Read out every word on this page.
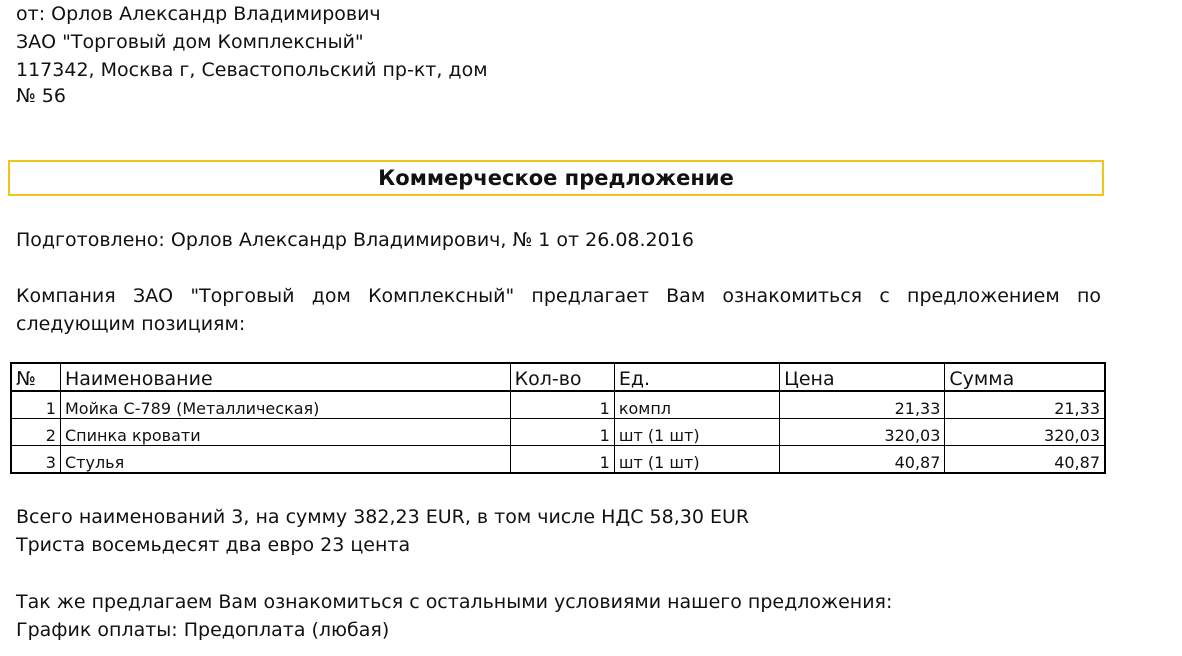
от: Орлов Александр Владимирович
ЗАО "Торговый дом Комплексный"
117342, Москва г, Севастопольский пр-кт, дом
№ 56
Коммерческое предложение
Подготовлено: Орлов Александр Владимирович, № 1 от 26.08.2016
Компания ЗАО "Торговый дом Комплексный" предлагает Вам ознакомиться с предложением по следующим позициям:
№	Наименование	Кол-во	Ед.	Цена	Сумма
1	Мойка С-789 (Металлическая)	1	компл	21,33	21,33
2	Спинка кровати	1	шт (1 шт)	320,03	320,03
3	Стулья	1	шт (1 шт)	40,87	40,87
Всего наименований 3, на сумму 382,23 EUR, в том числе НДС 58,30 EUR
Триста восемьдесят два евро 23 цента
Так же предлагаем Вам ознакомиться с остальными условиями нашего предложения:
График оплаты: Предоплата (любая)
